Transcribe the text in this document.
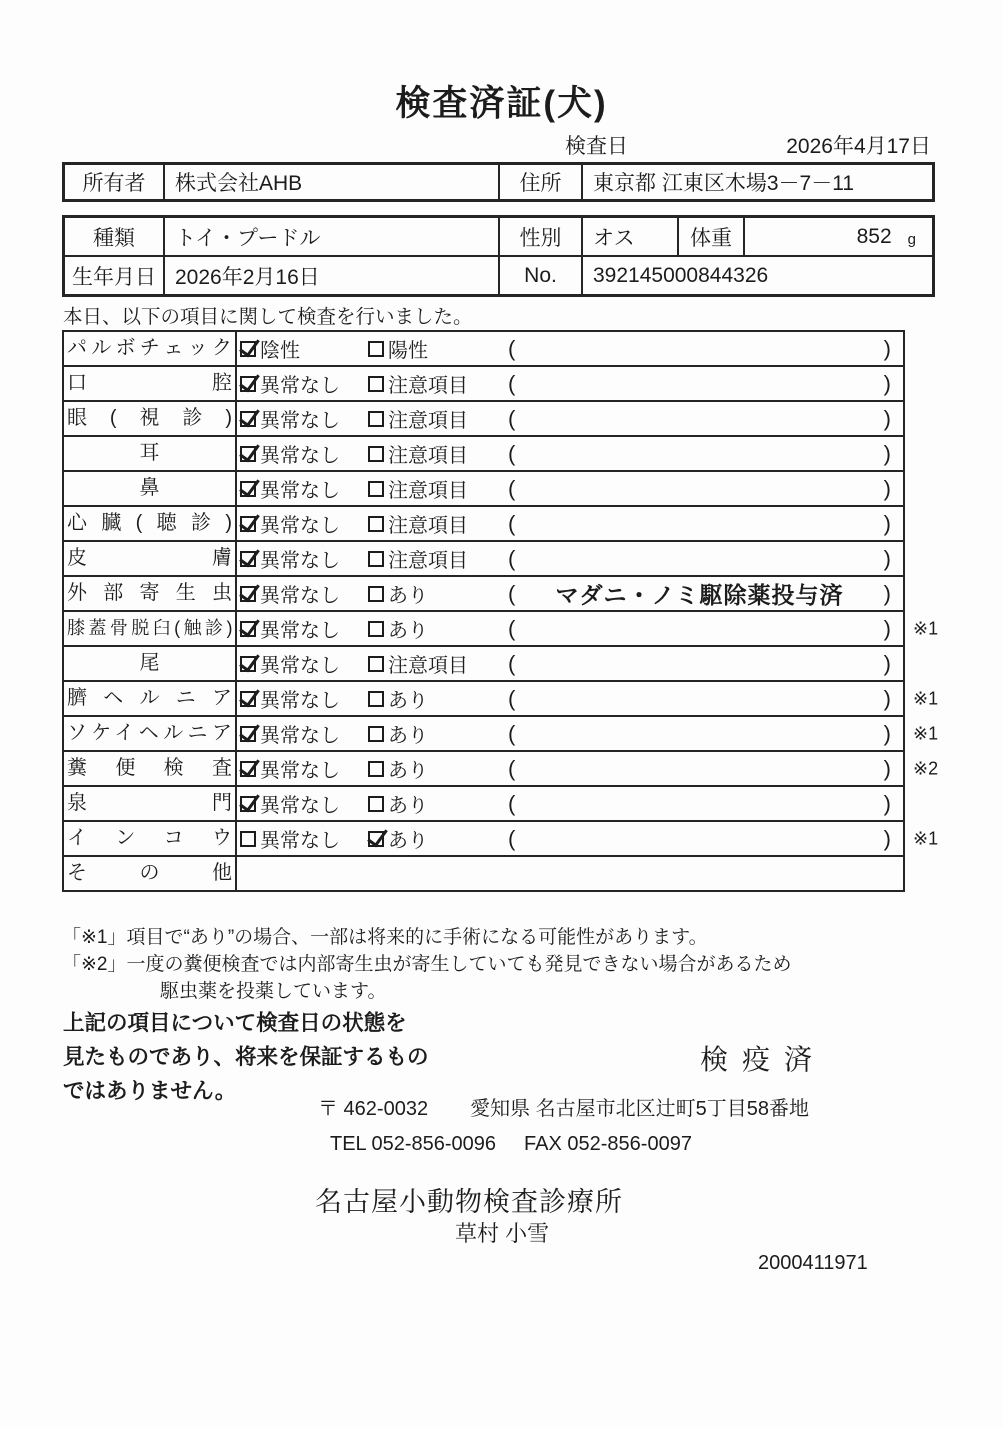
検査済証(犬)
検査日	2026年4月17日
所有者	株式会社AHB	住所	東京都 江東区木場3－7－11
種類	トイ・プードル	性別	オス	体重	852 g
生年月日 2026年2月16日	No.	392145000844326
本日、以下の項目に関して検査を行いました。
パルボチェック 陰性	陽性	(	)
口腔 異常なし 注意項目 (	)
眼(視診) 異常なし 注意項目 (	)
耳	異常なし 注意項目 (	)
鼻	異常なし 注意項目 (	)
心臓(聴診) 異常なし 注意項目 (	)
皮膚 異常なし 注意項目 (	)
外部寄生虫 異常なし あり	(	マダニ・ノミ駆除薬投与済	)
膝蓋骨脱臼(触診) 異常なし あり	(	) ※1
尾	異常なし 注意項目 (	)
臍ヘルニア 異常なし あり	(	) ※1
ソケイヘルニア 異常なし あり	(	) ※1
糞便検査 異常なし あり	(	) ※2
泉門 異常なし あり	(	)
インコウ 異常なし あり	(	) ※1
その他
「※1」項目で“あり”の場合、一部は将来的に手術になる可能性があります。
「※2」一度の糞便検査では内部寄生虫が寄生していても発見できない場合があるため
駆虫薬を投薬しています。
上記の項目について検査日の状態を
見たものであり、将来を保証するもの
ではありません。
検疫済
〒 462-0032 愛知県 名古屋市北区辻町5丁目58番地
TEL 052-856-0096 FAX 052-856-0097
名古屋小動物検査診療所
草村 小雪
2000411971
